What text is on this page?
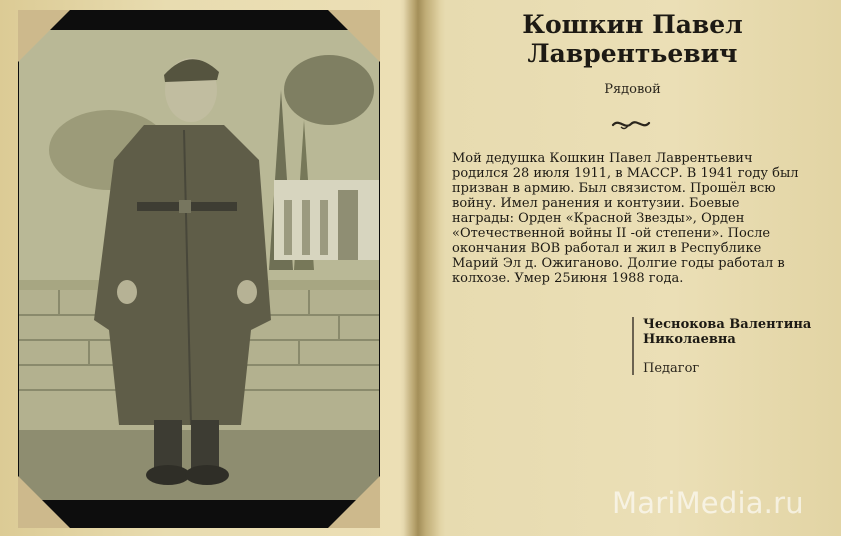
Кошкин Павел Лаврентьевич
Рядовой
Мой дедушка Кошкин Павел Лаврентьевич родился 28 июля 1911, в МАССР. В 1941 году был призван в армию. Был связистом. Прошёл всю войну. Имел ранения и контузии. Боевые награды: Орден «Красной Звезды», Орден «Отечественной войны II -ой степени». После окончания ВОВ работал и жил в Республике Марий Эл д. Ожиганово. Долгие годы работал в колхозе. Умер 25июня 1988 года.
Чеснокова Валентина Николаевна
Педагог
MariMedia.ru
